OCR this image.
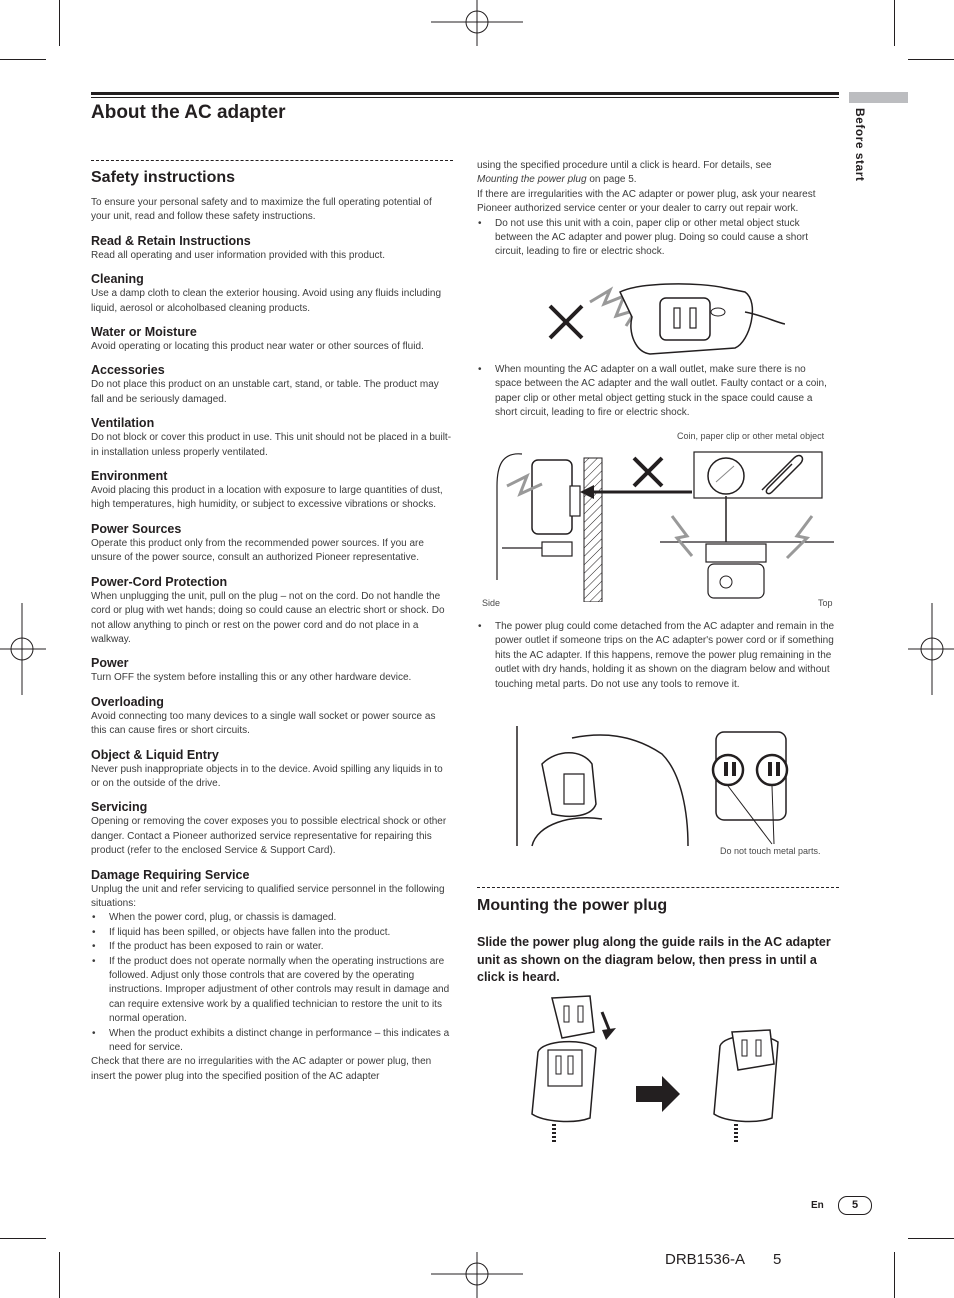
About the AC adapter	Before start
Safety instructions

To ensure your personal safety and to maximize the full operating potential of your unit, read and follow these safety instructions.

Read & Retain Instructions

Read all operating and user information provided with this product.

Cleaning

Use a damp cloth to clean the exterior housing. Avoid using any fluids including liquid, aerosol or alcoholbased cleaning products.

Water or Moisture

Avoid operating or locating this product near water or other sources of fluid.

Accessories

Do not place this product on an unstable cart, stand, or table. The product may fall and be seriously damaged.

Ventilation

Do not block or cover this product in use. This unit should not be placed in a built-in installation unless properly ventilated.

Environment

Avoid placing this product in a location with exposure to large quantities of dust, high temperatures, high humidity, or subject to excessive vibrations or shocks.

Power Sources

Operate this product only from the recommended power sources. If you are unsure of the power source, consult an authorized Pioneer representative.

Power-Cord Protection

When unplugging the unit, pull on the plug – not on the cord. Do not handle the cord or plug with wet hands; doing so could cause an electric short or shock. Do not allow anything to pinch or rest on the power cord and do not place in a walkway.

Power

Turn OFF the system before installing this or any other hardware device.

Overloading

Avoid connecting too many devices to a single wall socket or power source as this can cause fires or short circuits.

Object & Liquid Entry

Never push inappropriate objects in to the device. Avoid spilling any liquids in to or on the outside of the drive.

Servicing

Opening or removing the cover exposes you to possible electrical shock or other danger. Contact a Pioneer authorized service representative for repairing this product (refer to the enclosed Service & Support Card).

Damage Requiring Service

Unplug the unit and refer servicing to qualified service personnel in the following situations:

• When the power cord, plug, or chassis is damaged.
• If liquid has been spilled, or objects have fallen into the product.
• If the product has been exposed to rain or water.
• If the product does not operate normally when the operating instructions are followed. Adjust only those controls that are covered by the operating instructions. Improper adjustment of other controls may result in damage and can require extensive work by a qualified technician to restore the unit to its normal operation.
• When the product exhibits a distinct change in performance – this indicates a need for service.

Check that there are no irregularities with the AC adapter or power plug, then insert the power plug into the specified position of the AC adapter

using the specified procedure until a click is heard. For details, see
Mounting the power plug on page 5.

If there are irregularities with the AC adapter or power plug, ask your nearest Pioneer authorized service center or your dealer to carry out repair work.

• Do not use this unit with a coin, paper clip or other metal object stuck between the AC adapter and power plug. Doing so could cause a short circuit, leading to fire or electric shock.
• When mounting the AC adapter on a wall outlet, make sure there is no space between the AC adapter and the wall outlet. Faulty contact or a coin, paper clip or other metal object getting stuck in the space could cause a short circuit, leading to fire or electric shock.
Coin, paper clip or other metal object
Side	Top
• The power plug could come detached from the AC adapter and remain in the power outlet if someone trips on the AC adapter's power cord or if something hits the AC adapter. If this happens, remove the power plug remaining in the outlet with dry hands, holding it as shown on the diagram below and without touching metal parts. Do not use any tools to remove it.
Do not touch metal parts.
Mounting the power plug
Slide the power plug along the guide rails in the AC adapter unit as shown on the diagram below, then press in until a click is heard.
En	5
DRB1536-A 5
